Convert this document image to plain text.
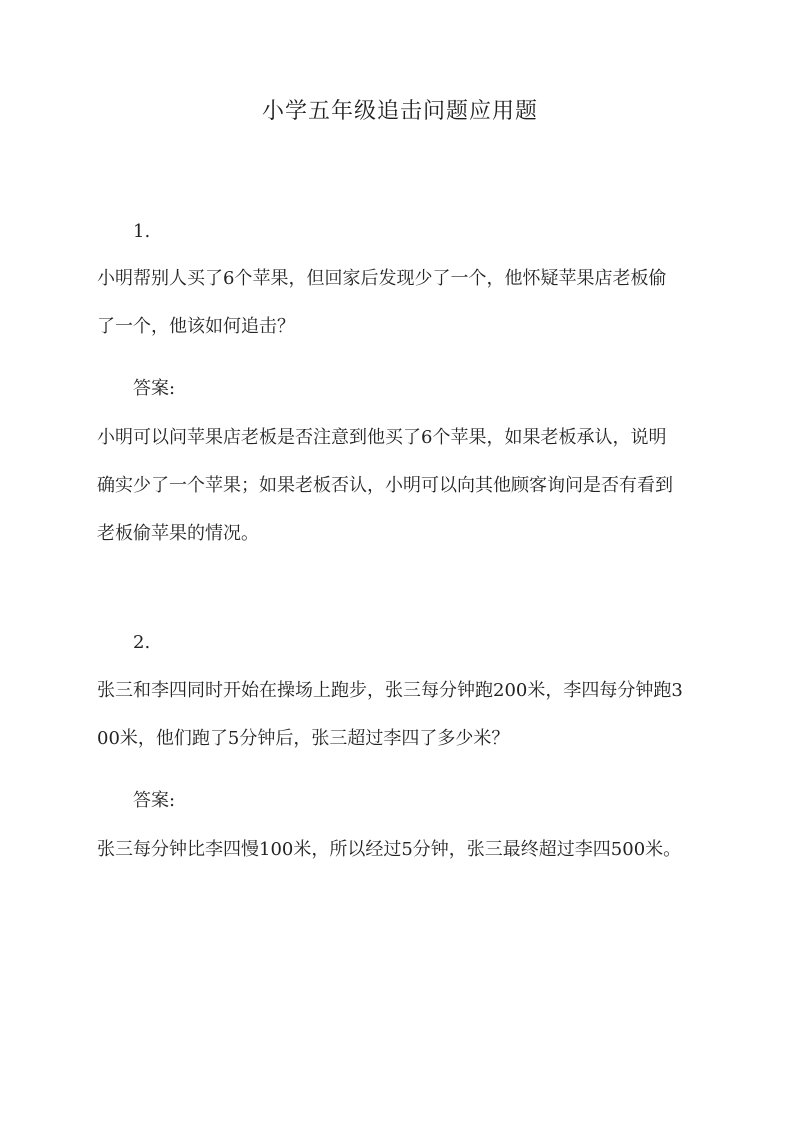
小学五年级追击问题应用题
1.
小明帮别人买了6个苹果，但回家后发现少了一个，他怀疑苹果店老板偷
了一个，他该如何追击？
答案:
小明可以问苹果店老板是否注意到他买了6个苹果，如果老板承认，说明
确实少了一个苹果；如果老板否认，小明可以向其他顾客询问是否有看到
老板偷苹果的情况。
2.
张三和李四同时开始在操场上跑步，张三每分钟跑200米，李四每分钟跑3
00米，他们跑了5分钟后，张三超过李四了多少米？
答案:
张三每分钟比李四慢100米，所以经过5分钟，张三最终超过李四500米。
